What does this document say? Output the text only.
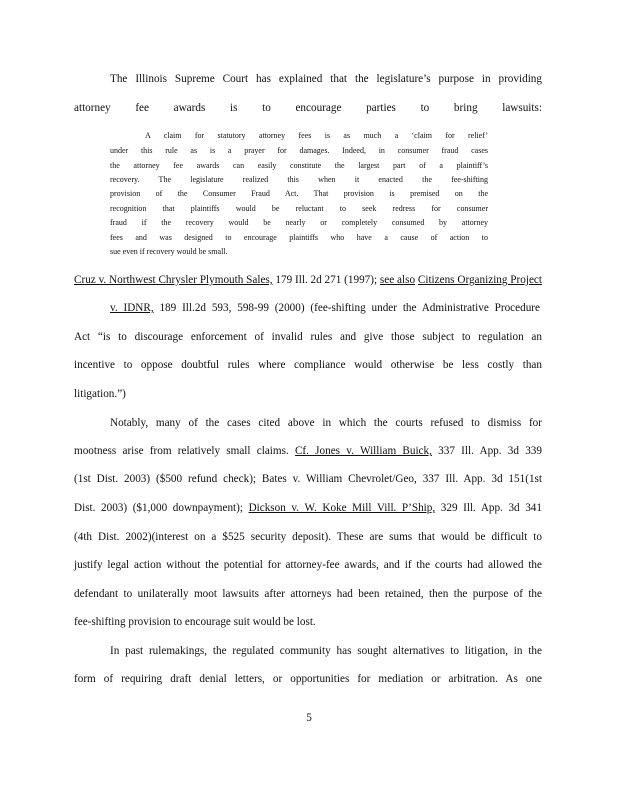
The Illinois Supreme Court has explained that the legislature’s purpose in providing
attorney fee awards is to encourage parties to bring lawsuits:
A claim for statutory attorney fees is as much a ‘claim for relief’
under this rule as is a prayer for damages. Indeed, in consumer fraud cases
the attorney fee awards can easily constitute the largest part of a plaintiff’s
recovery. The legislature realized this when it enacted the fee-shifting
provision of the Consumer Fraud Act. That provision is premised on the
recognition that plaintiffs would be reluctant to seek redress for consumer
fraud if the recovery would be nearly or completely consumed by attorney
fees and was designed to encourage plaintiffs who have a cause of action to
sue even if recovery would be small.
Cruz v. Northwest Chrysler Plymouth Sales, 179 Ill. 2d 271 (1997); see also Citizens Organizing Project
v. IDNR, 189 Ill.2d 593, 598-99 (2000) (fee-shifting under the Administrative Procedure
Act “is to discourage enforcement of invalid rules and give those subject to regulation an
incentive to oppose doubtful rules where compliance would otherwise be less costly than
litigation.”)
Notably, many of the cases cited above in which the courts refused to dismiss for
mootness arise from relatively small claims. Cf. Jones v. William Buick, 337 Ill. App. 3d 339
(1st Dist. 2003) ($500 refund check); Bates v. William Chevrolet/Geo, 337 Ill. App. 3d 151(1st
Dist. 2003) ($1,000 downpayment); Dickson v. W. Koke Mill Vill. P’Ship, 329 Ill. App. 3d 341
(4th Dist. 2002)(interest on a $525 security deposit). These are sums that would be difficult to
justify legal action without the potential for attorney-fee awards, and if the courts had allowed the
defendant to unilaterally moot lawsuits after attorneys had been retained, then the purpose of the
fee-shifting provision to encourage suit would be lost.
In past rulemakings, the regulated community has sought alternatives to litigation, in the
form of requiring draft denial letters, or opportunities for mediation or arbitration. As one
5
